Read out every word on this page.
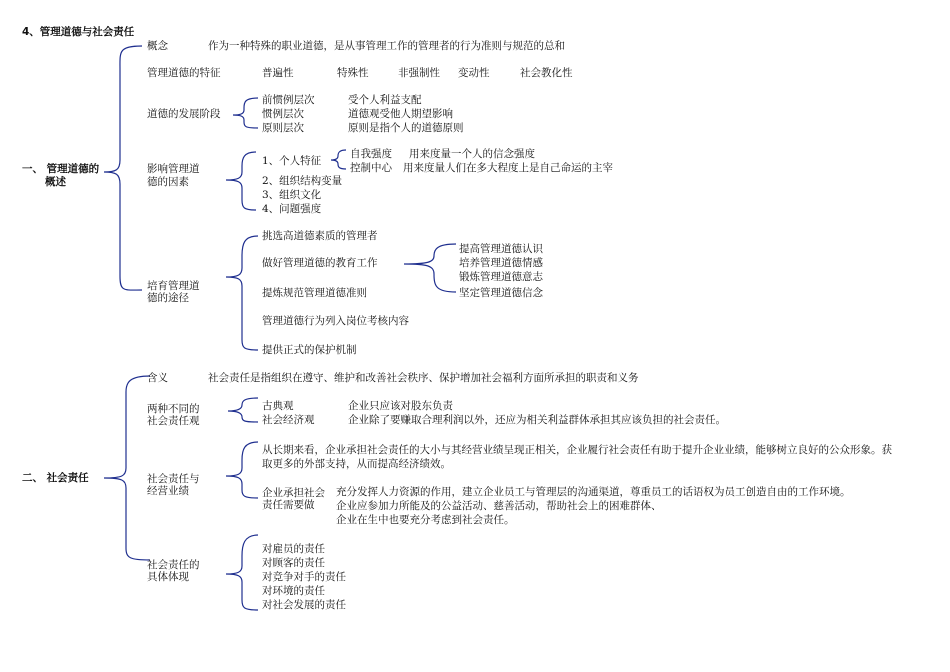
4、管理道德与社会责任
一、 管理道德的
概述
概念	作为一种特殊的职业道德，是从事管理工作的管理者的行为准则与规范的总和
管理道德的特征	普遍性	特殊性	非强制性 变动性	社会教化性
道德的发展阶段
前惯例层次	受个人利益支配
惯例层次	道德观受他人期望影响
原则层次	原则是指个人的道德原则
影响管理道
德的因素
1、个人特征
2、组织结构变量
3、组织文化
4、问题强度
自我强度 用来度量一个人的信念强度
控制中心 用来度量人们在多大程度上是自己命运的主宰
培育管理道
德的途径
挑选高道德素质的管理者
做好管理道德的教育工作
提炼规范管理道德准则
管理道德行为列入岗位考核内容
提供正式的保护机制
提高管理道德认识
培养管理道德情感
锻炼管理道德意志
坚定管理道德信念
二、 社会责任
含义	社会责任是指组织在遵守、维护和改善社会秩序、保护增加社会福利方面所承担的职责和义务
两种不同的
社会责任观
古典观	企业只应该对股东负责
社会经济观	企业除了要赚取合理利润以外，还应为相关利益群体承担其应该负担的社会责任。
社会责任与
经营业绩
从长期来看，企业承担社会责任的大小与其经营业绩呈现正相关，企业履行社会责任有助于提升企业业绩，能够树立良好的公众形象。获取更多的外部支持，从而提高经济绩效。
企业承担社会
责任需要做
充分发挥人力资源的作用，建立企业员工与管理层的沟通渠道，尊重员工的话语权为员工创造自由的工作环境。
企业应参加力所能及的公益活动、慈善活动，帮助社会上的困难群体、
企业在生中也要充分考虑到社会责任。
社会责任的
具体体现
对雇员的责任
对顾客的责任
对竞争对手的责任
对环境的责任
对社会发展的责任
